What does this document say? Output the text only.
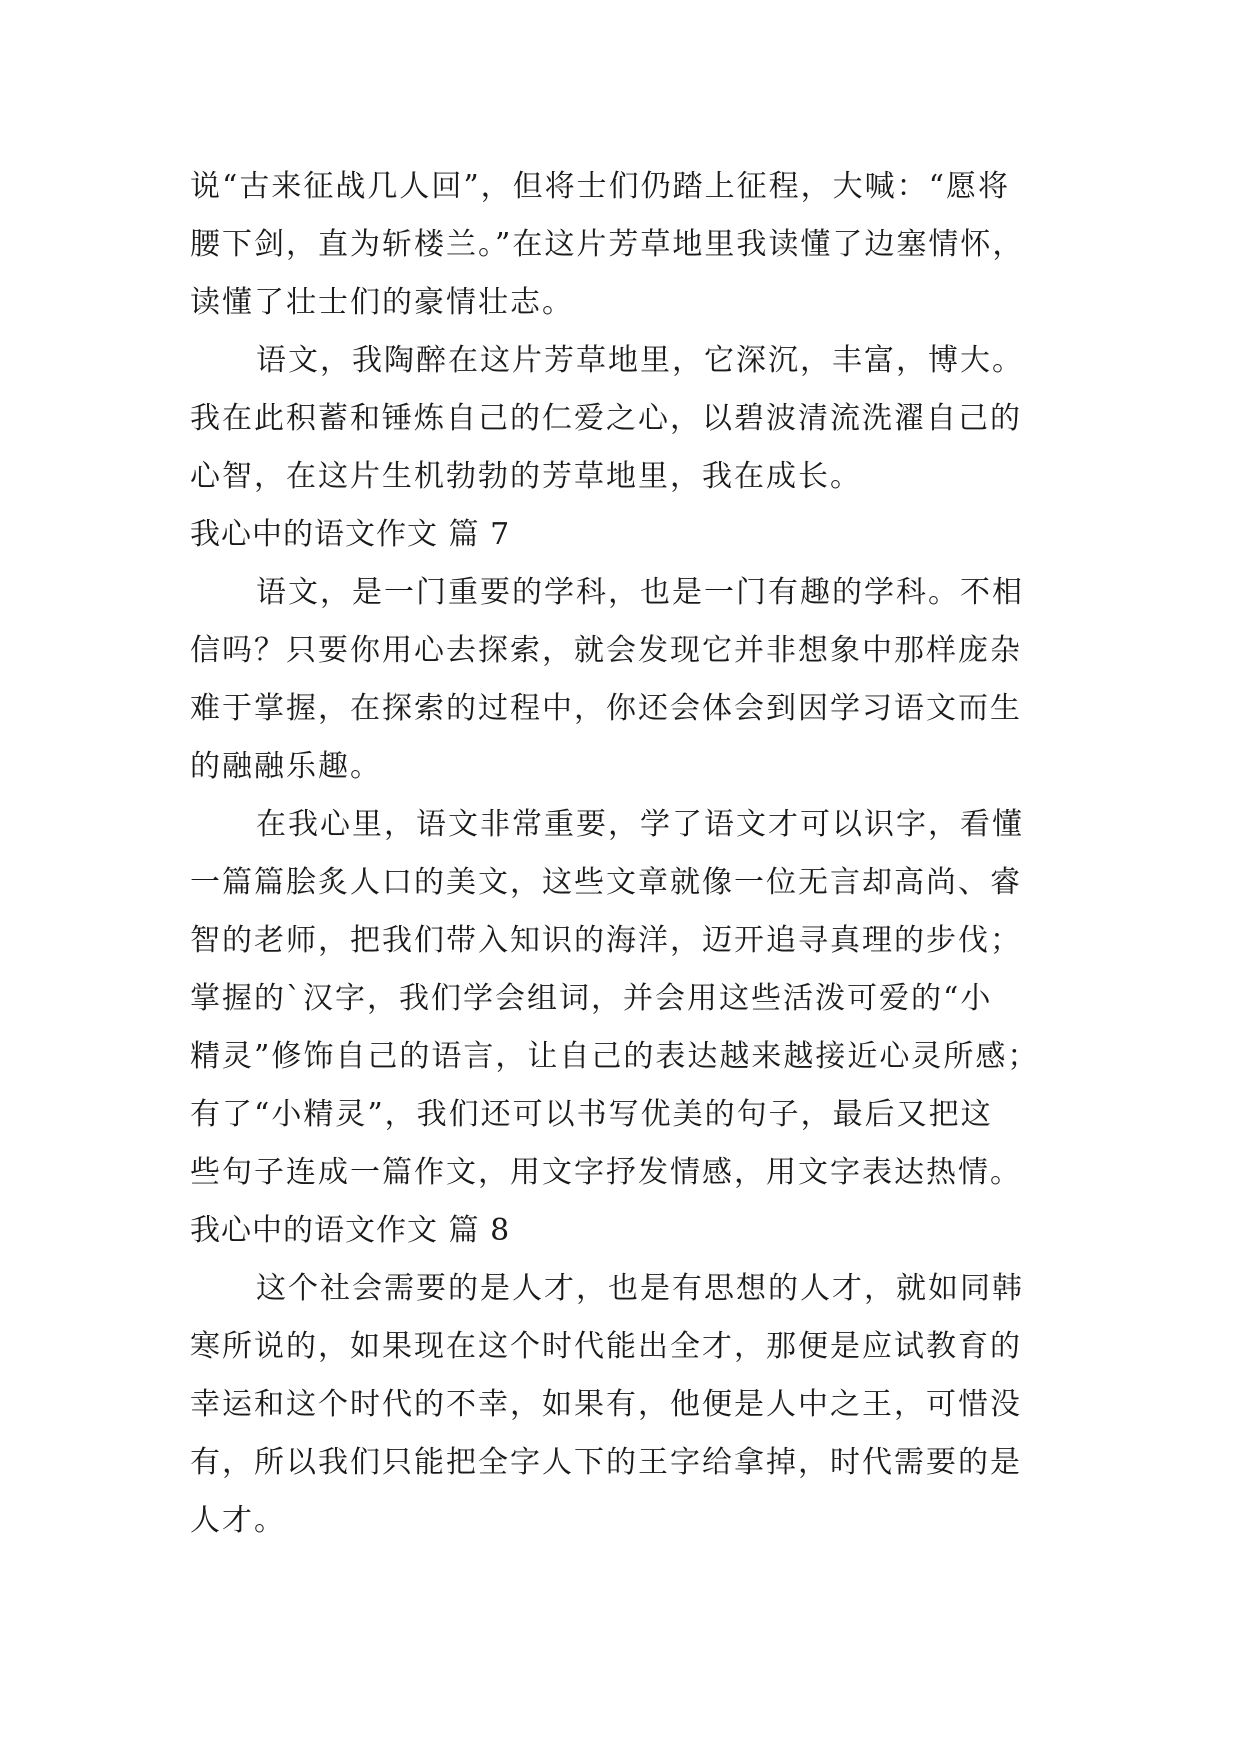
说“古来征战几人回”，但将士们仍踏上征程，大喊：“愿将
腰下剑，直为斩楼兰。”在这片芳草地里我读懂了边塞情怀，
读懂了壮士们的豪情壮志。
语文，我陶醉在这片芳草地里，它深沉，丰富，博大。
我在此积蓄和锤炼自己的仁爱之心，以碧波清流洗濯自己的
心智，在这片生机勃勃的芳草地里，我在成长。
我心中的语文作文 篇 7
语文，是一门重要的学科，也是一门有趣的学科。不相
信吗？只要你用心去探索，就会发现它并非想象中那样庞杂
难于掌握，在探索的过程中，你还会体会到因学习语文而生
的融融乐趣。
在我心里，语文非常重要，学了语文才可以识字，看懂
一篇篇脍炙人口的美文，这些文章就像一位无言却高尚、睿
智的老师，把我们带入知识的海洋，迈开追寻真理的步伐；
掌握的`汉字，我们学会组词，并会用这些活泼可爱的“小
精灵”修饰自己的语言，让自己的表达越来越接近心灵所感；
有了“小精灵”，我们还可以书写优美的句子，最后又把这
些句子连成一篇作文，用文字抒发情感，用文字表达热情。
我心中的语文作文 篇 8
这个社会需要的是人才，也是有思想的人才，就如同韩
寒所说的，如果现在这个时代能出全才，那便是应试教育的
幸运和这个时代的不幸，如果有，他便是人中之王，可惜没
有，所以我们只能把全字人下的王字给拿掉，时代需要的是
人才。
